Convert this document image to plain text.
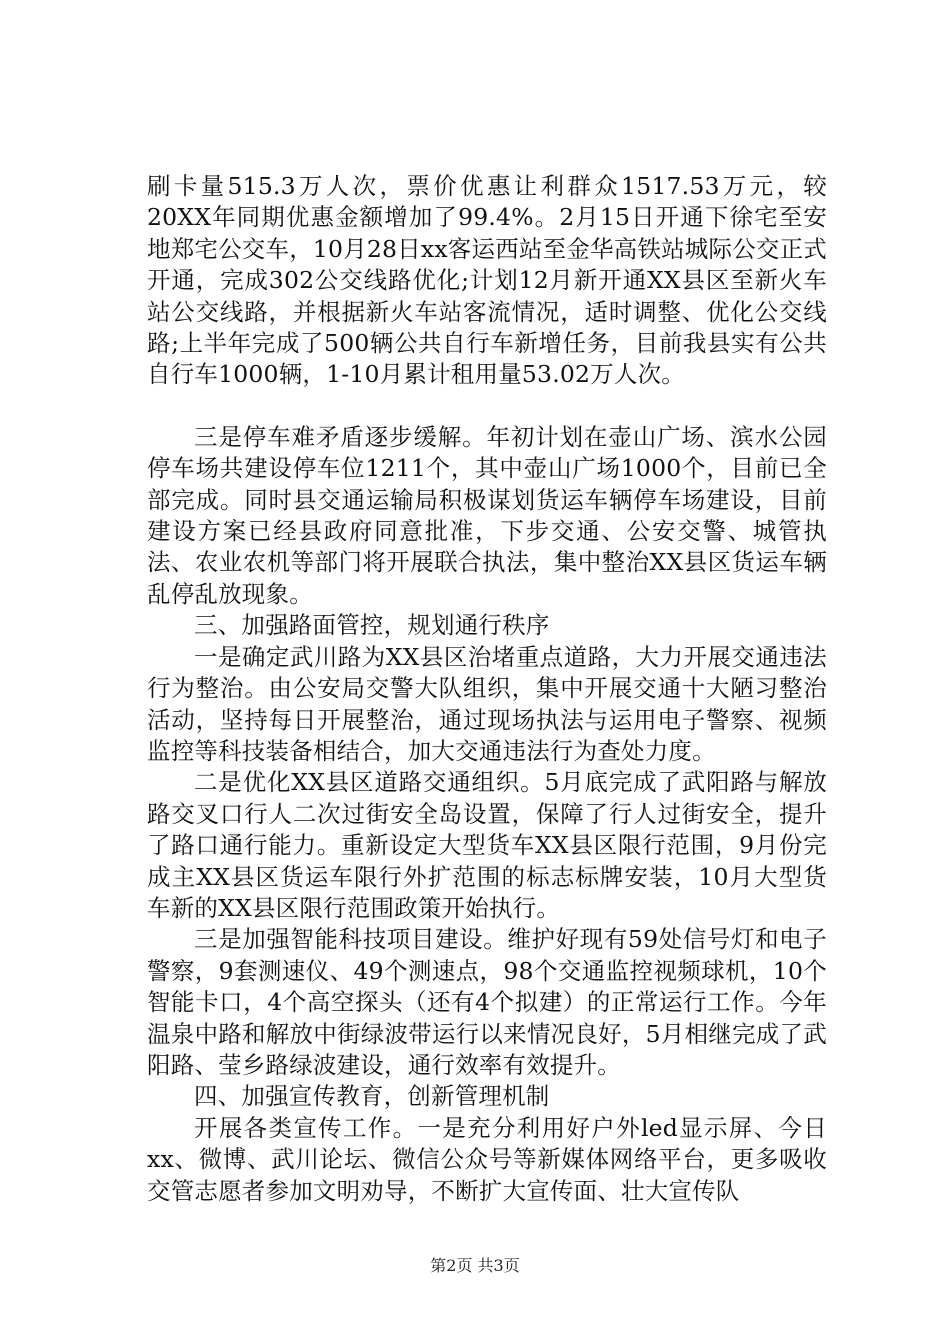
刷卡量515.3万人次，票价优惠让利群众1517.53万元，较20XX年同期优惠金额增加了99.4%。2月15日开通下徐宅至安地郑宅公交车，10月28日xx客运西站至金华高铁站城际公交正式开通，完成302公交线路优化;计划12月新开通XX县区至新火车站公交线路，并根据新火车站客流情况，适时调整、优化公交线路;上半年完成了500辆公共自行车新增任务，目前我县实有公共自行车1000辆，1-10月累计租用量53.02万人次。

三是停车难矛盾逐步缓解。年初计划在壶山广场、滨水公园停车场共建设停车位1211个，其中壶山广场1000个，目前已全部完成。同时县交通运输局积极谋划货运车辆停车场建设，目前建设方案已经县政府同意批准，下步交通、公安交警、城管执法、农业农机等部门将开展联合执法，集中整治XX县区货运车辆乱停乱放现象。

三、加强路面管控，规划通行秩序

一是确定武川路为XX县区治堵重点道路，大力开展交通违法行为整治。由公安局交警大队组织，集中开展交通十大陋习整治活动，坚持每日开展整治，通过现场执法与运用电子警察、视频监控等科技装备相结合，加大交通违法行为查处力度。

二是优化XX县区道路交通组织。5月底完成了武阳路与解放路交叉口行人二次过街安全岛设置，保障了行人过街安全，提升了路口通行能力。重新设定大型货车XX县区限行范围，9月份完成主XX县区货运车限行外扩范围的标志标牌安装，10月大型货车新的XX县区限行范围政策开始执行。

三是加强智能科技项目建设。维护好现有59处信号灯和电子警察，9套测速仪、49个测速点，98个交通监控视频球机，10个智能卡口，4个高空探头（还有4个拟建）的正常运行工作。今年温泉中路和解放中街绿波带运行以来情况良好，5月相继完成了武阳路、莹乡路绿波建设，通行效率有效提升。

四、加强宣传教育，创新管理机制

开展各类宣传工作。一是充分利用好户外led显示屏、今日xx、微博、武川论坛、微信公众号等新媒体网络平台，更多吸收交管志愿者参加文明劝导，不断扩大宣传面、壮大宣传队

第2页 共3页
